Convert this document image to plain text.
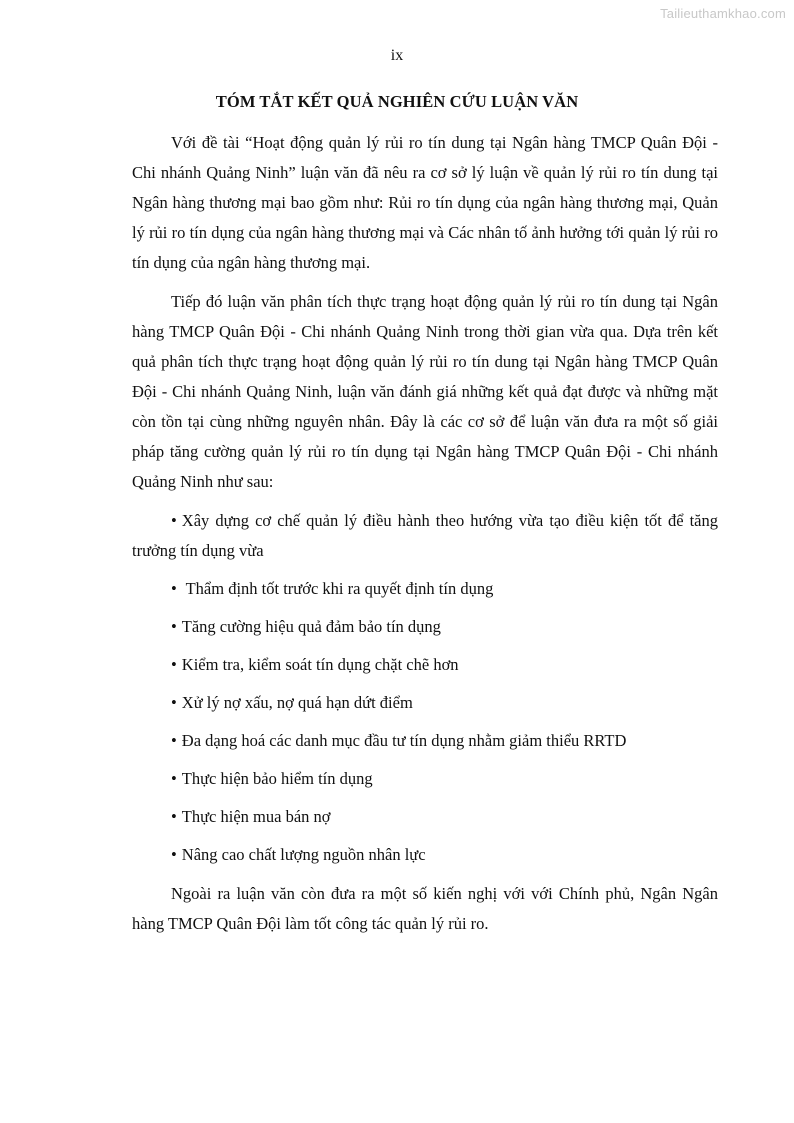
Tailieuthamkhao.com
ix
TÓM TẮT KẾT QUẢ NGHIÊN CỨU LUẬN VĂN

Với đề tài “Hoạt động quản lý rủi ro tín dung tại Ngân hàng TMCP Quân Đội - Chi nhánh Quảng Ninh” luận văn đã nêu ra cơ sở lý luận về quản lý rủi ro tín dung tại Ngân hàng thương mại bao gồm như: Rủi ro tín dụng của ngân hàng thương mại, Quản lý rủi ro tín dụng của ngân hàng thương mại và Các nhân tố ảnh hưởng tới quản lý rủi ro tín dụng của ngân hàng thương mại.

Tiếp đó luận văn phân tích thực trạng hoạt động quản lý rủi ro tín dung tại Ngân hàng TMCP Quân Đội - Chi nhánh Quảng Ninh trong thời gian vừa qua. Dựa trên kết quả phân tích thực trạng hoạt động quản lý rủi ro tín dung tại Ngân hàng TMCP Quân Đội - Chi nhánh Quảng Ninh, luận văn đánh giá những kết quả đạt được và những mặt còn tồn tại cùng những nguyên nhân. Đây là các cơ sở để luận văn đưa ra một số giải pháp tăng cường quản lý rủi ro tín dụng tại Ngân hàng TMCP Quân Đội - Chi nhánh Quảng Ninh như sau:

• Xây dựng cơ chế quản lý điều hành theo hướng vừa tạo điều kiện tốt để tăng trưởng tín dụng vừa
• Thẩm định tốt trước khi ra quyết định tín dụng
• Tăng cường hiệu quả đảm bảo tín dụng
• Kiểm tra, kiểm soát tín dụng chặt chẽ hơn
• Xử lý nợ xấu, nợ quá hạn dứt điểm
• Đa dạng hoá các danh mục đầu tư tín dụng nhằm giảm thiểu RRTD
• Thực hiện bảo hiểm tín dụng
• Thực hiện mua bán nợ
• Nâng cao chất lượng nguồn nhân lực

Ngoài ra luận văn còn đưa ra một số kiến nghị với với Chính phủ, Ngân Ngân hàng TMCP Quân Đội làm tốt công tác quản lý rủi ro.
